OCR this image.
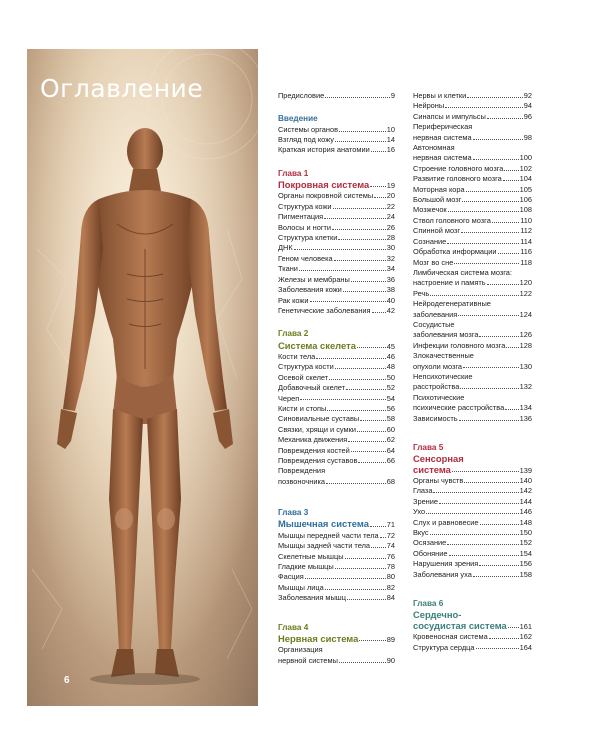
Оглавление
6
Предисловие	9
Введение
Системы органов	10
Взгляд под кожу	14
Краткая история анатомии 16
Глава 1
Покровная система 19
Органы покровной системы 20
Структура кожи	22
Пигментация	24
Волосы и ногти	26
Структура клетки	28
ДНК	30
Геном человека	32
Ткани	34
Железы и мембраны	36
Заболевания кожи	38
Рак кожи	40
Генетические заболевания 42
Глава 2
Система скелета	45
Кости тела	46
Структура кости	48
Осевой скелет	50
Добавочный скелет	52
Череп	54
Кисти и стопы	56
Синовиальные суставы	58
Связки, хрящи и сумки	60
Механика движения	62
Повреждения костей	64
Повреждения суставов	66
Повреждения
позвоночника	68
Глава 3
Мышечная система 71
Мышцы передней части тела 72
Мышцы задней части тела 74
Скелетные мышцы	76
Гладкие мышцы	78
Фасция	80
Мышцы лица	82
Заболевания мышц	84
Глава 4
Нервная система	89
Организация
нервной системы	90
Нервы и клетки	92
Нейроны	94
Синапсы и импульсы	96
Периферическая
нервная система	98
Автономная
нервная система	100
Строение головного мозга 102
Развитие головного мозга 104
Моторная кора	105
Большой мозг	106
Мозжечок	108
Ствол головного мозга	110
Спинной мозг	112
Сознание	114
Обработка информации	116
Мозг во сне	118
Лимбическая система мозга:
настроение и память	120
Речь	122
Нейродегенеративные
заболевания	124
Сосудистые
заболевания мозга	126
Инфекции головного мозга 128
Злокачественные
опухоли мозга	130
Непсихотические
расстройства	132
Психотические
психические расстройства 134
Зависимость	136
Глава 5
Сенсорная
система	139
Органы чувств	140
Глаза	142
Зрение	144
Ухо	146
Слух и равновесие	148
Вкус	150
Осязание	152
Обоняние	154
Нарушения зрения	156
Заболевания уха	158
Глава 6
Сердечно-
сосудистая система 161
Кровеносная система	162
Структура сердца	164
